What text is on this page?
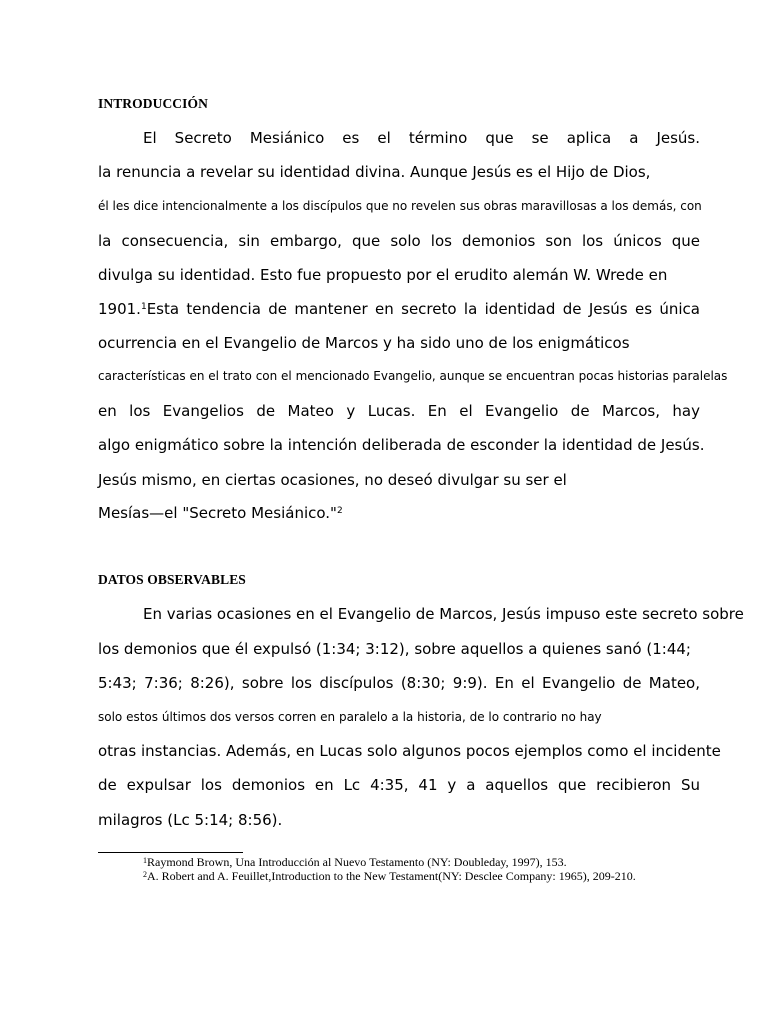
INTRODUCCIÓN
El Secreto Mesiánico es el término que se aplica a Jesús.
la renuncia a revelar su identidad divina. Aunque Jesús es el Hijo de Dios,
él les dice intencionalmente a los discípulos que no revelen sus obras maravillosas a los demás, con
la consecuencia, sin embargo, que solo los demonios son los únicos que
divulga su identidad. Esto fue propuesto por el erudito alemán W. Wrede en
1901.$^1$Esta tendencia de mantener en secreto la identidad de Jesús es única
ocurrencia en el Evangelio de Marcos y ha sido uno de los enigmáticos
características en el trato con el mencionado Evangelio, aunque se encuentran pocas historias paralelas
en los Evangelios de Mateo y Lucas. En el Evangelio de Marcos, hay
algo enigmático sobre la intención deliberada de esconder la identidad de Jesús.
Jesús mismo, en ciertas ocasiones, no deseó divulgar su ser el
Mesías—el "Secreto Mesiánico."$^2$
DATOS OBSERVABLES
En varias ocasiones en el Evangelio de Marcos, Jesús impuso este secreto sobre
los demonios que él expulsó (1:34; 3:12), sobre aquellos a quienes sanó (1:44;
5:43; 7:36; 8:26), sobre los discípulos (8:30; 9:9). En el Evangelio de Mateo,
solo estos últimos dos versos corren en paralelo a la historia, de lo contrario no hay
otras instancias. Además, en Lucas solo algunos pocos ejemplos como el incidente
de expulsar los demonios en Lc 4:35, 41 y a aquellos que recibieron Su
milagros (Lc 5:14; 8:56).
$^1$Raymond Brown, Una Introducción al Nuevo Testamento (NY: Doubleday, 1997), 153.
$^2$A. Robert and A. Feuillet,Introduction to the New Testament(NY: Desclee Company: 1965), 209-210.
